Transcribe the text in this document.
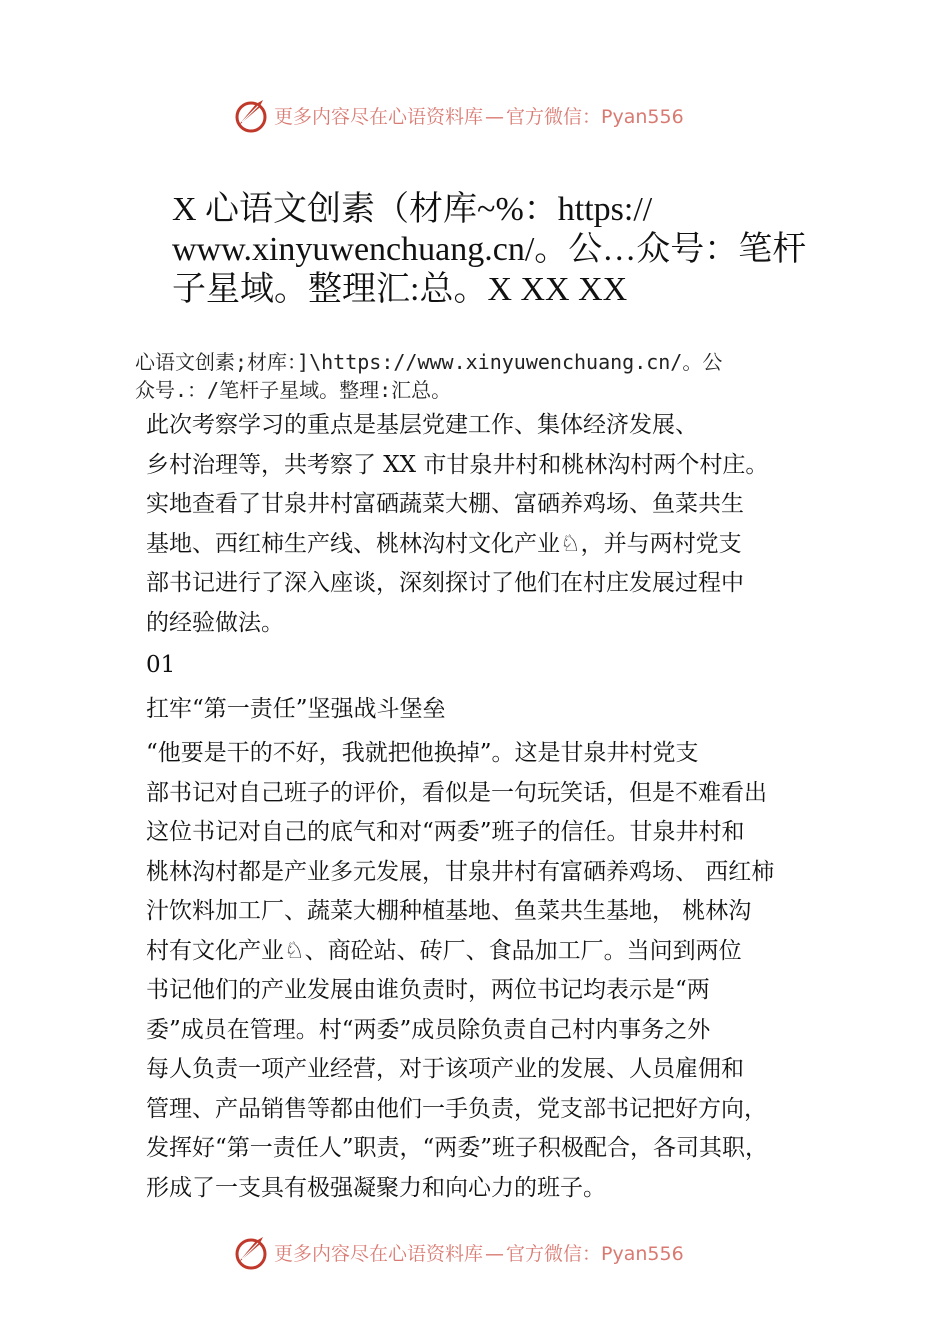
更多内容尽在心语资料库 — 官方微信：Pyan556
X 心语文创素（材库~%：https://
www.xinyuwenchuang.cn/。公…众号：笔杆
子星域。整理汇:总。X XX XX
心语文创素;材库：]\https://www.xinyuwenchuang.cn/。公
众号.：/笔杆子星域。整理:汇总。
此次考察学习的重点是基层党建工作、集体经济发展、
乡村治理等，共考察了 XX 市甘泉井村和桃林沟村两个村庄。
实地查看了甘泉井村富硒蔬菜大棚、富硒养鸡场、鱼菜共生
基地、西红柿生产线、桃林沟村文化产业♘，并与两村党支
部书记进行了深入座谈，深刻探讨了他们在村庄发展过程中
的经验做法。
01
扛牢“第一责任”坚强战斗堡垒
“他要是干的不好，我就把他换掉”。这是甘泉井村党支
部书记对自己班子的评价，看似是一句玩笑话，但是不难看出
这位书记对自己的底气和对“两委”班子的信任。甘泉井村和
桃林沟村都是产业多元发展，甘泉井村有富硒养鸡场、 西红柿
汁饮料加工厂、蔬菜大棚种植基地、鱼菜共生基地， 桃林沟
村有文化产业♘、商砼站、砖厂、食品加工厂。当问到两位
书记他们的产业发展由谁负责时，两位书记均表示是“两
委”成员在管理。村“两委”成员除负责自己村内事务之外
每人负责一项产业经营，对于该项产业的发展、人员雇佣和
管理、产品销售等都由他们一手负责，党支部书记把好方向，
发挥好“第一责任人”职责，“两委”班子积极配合，各司其职，
形成了一支具有极强凝聚力和向心力的班子。
更多内容尽在心语资料库 — 官方微信：Pyan556
